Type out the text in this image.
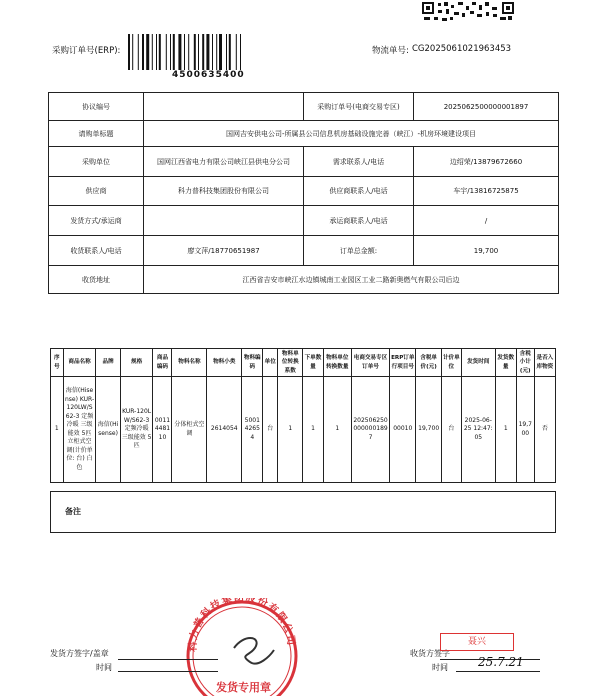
采购订单号(ERP):
4500635400
物流单号: CG2025061021963453
协议编号		采购订单号(电商交易专区)	2025062500000001897
请购单标题	国网吉安供电公司-所属县公司信息机房基础设施完善（峡江）-机房环境建设项目		
采购单位	国网江西省电力有限公司峡江县供电分公司	需求联系人/电话	边绍荣/13879672660
供应商	科力普科技集团股份有限公司	供应商联系人/电话	车宇/13816725875
发货方式/承运商		承运商联系人/电话	/
收货联系人/电话	廖文萍/18770651987	订单总金额:	19,700
收货地址	江西省吉安市峡江水边镇城南工业园区工业二路新奥燃气有限公司后边		
序号	商品名称	品牌	规格	商品编码	物料名称	物料小类	物料编码	单位	物料单位转换系数	下单数量	物料单位转换数量	电商交易专区订单号	ERP订单行项目号	含税单价(元)	计价单位	发货时间	发货数量	含税小计(元)	是否入库物资
1	海信(Hisense) KUR-120LW/S62-3 定频冷暖 三级能效 5匹 立柜式空调(计价单位: 台) 白色	海信(Hisense)	KUR-120LW/S62-3 定频冷暖 三级能效 5匹	00114481 10	分体柜式空调	2614054	500142654	台	1	1	1	2025062500000001897	00010	19,700	台	2025-06-25 12:47:05	1	19,700	否
备注
科力普科技集团股份有限公司
发货专用章
发货方签字/盖章
时间
收货方签字
聂兴
时间	25.7.21
